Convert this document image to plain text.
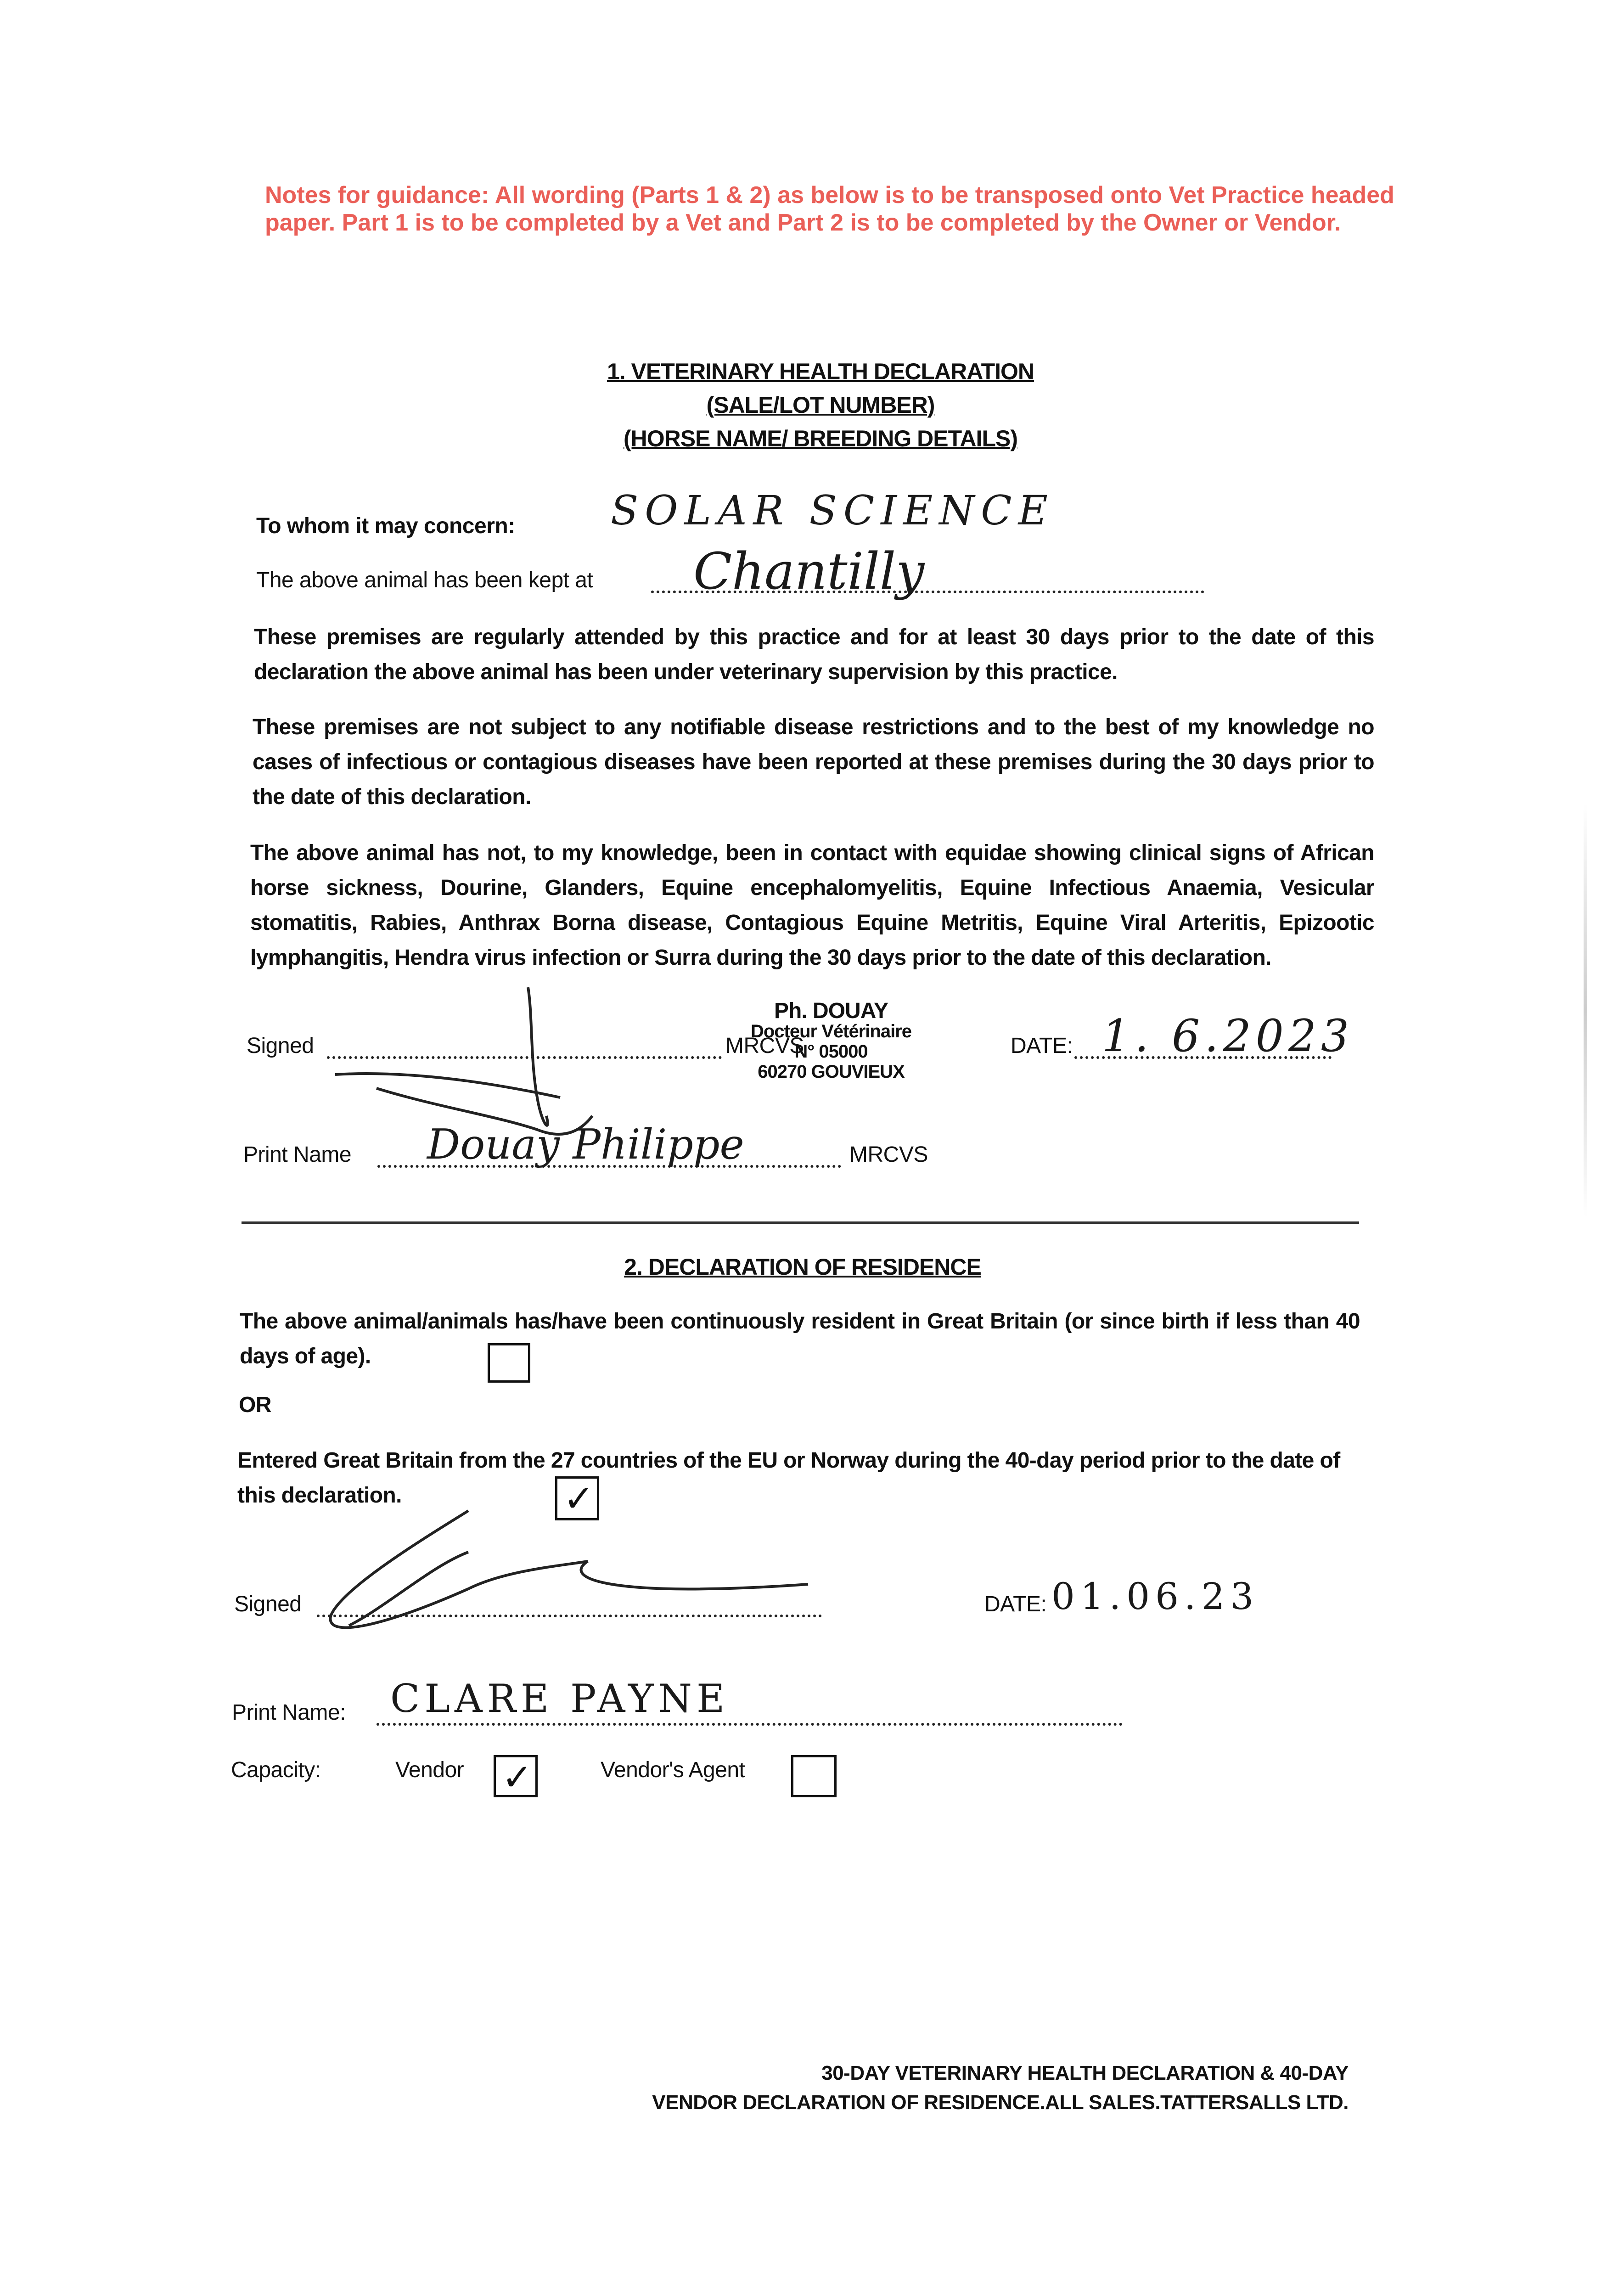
Notes for guidance: All wording (Parts 1 & 2) as below is to be transposed onto Vet Practice headed paper. Part 1 is to be completed by a Vet and Part 2 is to be completed by the Owner or Vendor.
1. VETERINARY HEALTH DECLARATION
(SALE/LOT NUMBER)
(HORSE NAME/ BREEDING DETAILS)
To whom it may concern: SOLAR SCIENCE
The above animal has been kept at Chantilly
These premises are regularly attended by this practice and for at least 30 days prior to the date of this declaration the above animal has been under veterinary supervision by this practice.
These premises are not subject to any notifiable disease restrictions and to the best of my knowledge no cases of infectious or contagious diseases have been reported at these premises during the 30 days prior to the date of this declaration.
The above animal has not, to my knowledge, been in contact with equidae showing clinical signs of African horse sickness, Dourine, Glanders, Equine encephalomyelitis, Equine Infectious Anaemia, Vesicular stomatitis, Rabies, Anthrax Borna disease, Contagious Equine Metritis, Equine Viral Arteritis, Epizootic lymphangitis, Hendra virus infection or Surra during the 30 days prior to the date of this declaration.
Signed	MRCVS
Ph. DOUAY
Docteur Vétérinaire
N° 05000
60270 GOUVIEUX
DATE: 1. 6.2023
Print Name Douay Philippe	MRCVS
2. DECLARATION OF RESIDENCE
The above animal/animals has/have been continuously resident in Great Britain (or since birth if less than 40 days of age).
OR
Entered Great Britain from the 27 countries of the EU or Norway during the 40-day period prior to the date of this declaration.	✓
Signed	DATE: 01.06.23
Print Name: CLARE PAYNE
Capacity:	Vendor ✓	Vendor's Agent
30-DAY VETERINARY HEALTH DECLARATION & 40-DAY
VENDOR DECLARATION OF RESIDENCE.ALL SALES.TATTERSALLS LTD.
